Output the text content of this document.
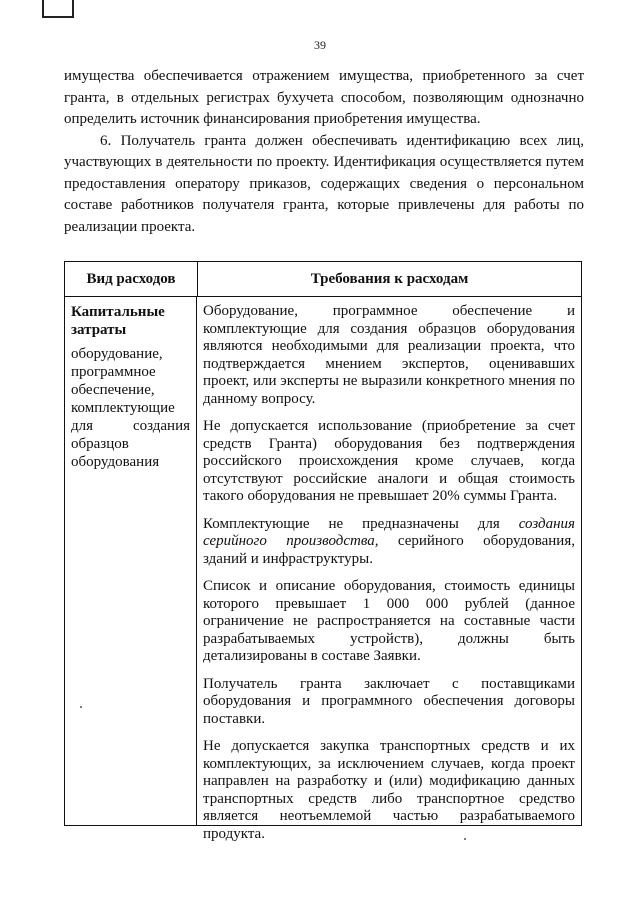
39

имущества обеспечивается отражением имущества, приобретенного за счет гранта, в отдельных регистрах бухучета способом, позволяющим однозначно определить источник финансирования приобретения имущества.

6. Получатель гранта должен обеспечивать идентификацию всех лиц, участвующих в деятельности по проекту. Идентификация осуществляется путем предоставления оператору приказов, содержащих сведения о персональном составе работников получателя гранта, которые привлечены для работы по реализации проекта.

Вид расходов	Требования к расходам
Капитальные затраты
оборудование, программное обеспечение, комплектующие для создания образцов оборудования

Оборудование, программное обеспечение и комплектующие для создания образцов оборудования являются необходимыми для реализации проекта, что подтверждается мнением экспертов, оценивавших проект, или эксперты не выразили конкретного мнения по данному вопросу.

Не допускается использование (приобретение за счет средств Гранта) оборудования без подтверждения российского происхождения кроме случаев, когда отсутствуют российские аналоги и общая стоимость такого оборудования не превышает 20% суммы Гранта.

Комплектующие не предназначены для создания серийного производства, серийного оборудования, зданий и инфраструктуры.

Список и описание оборудования, стоимость единицы которого превышает 1 000 000 рублей (данное ограничение не распространяется на составные части разрабатываемых устройств), должны быть детализированы в составе Заявки.

Получатель гранта заключает с поставщиками оборудования и программного обеспечения договоры поставки.

Не допускается закупка транспортных средств и их комплектующих, за исключением случаев, когда проект направлен на разработку и (или) модификацию данных транспортных средств либо транспортное средство является неотъемлемой частью разрабатываемого продукта.
